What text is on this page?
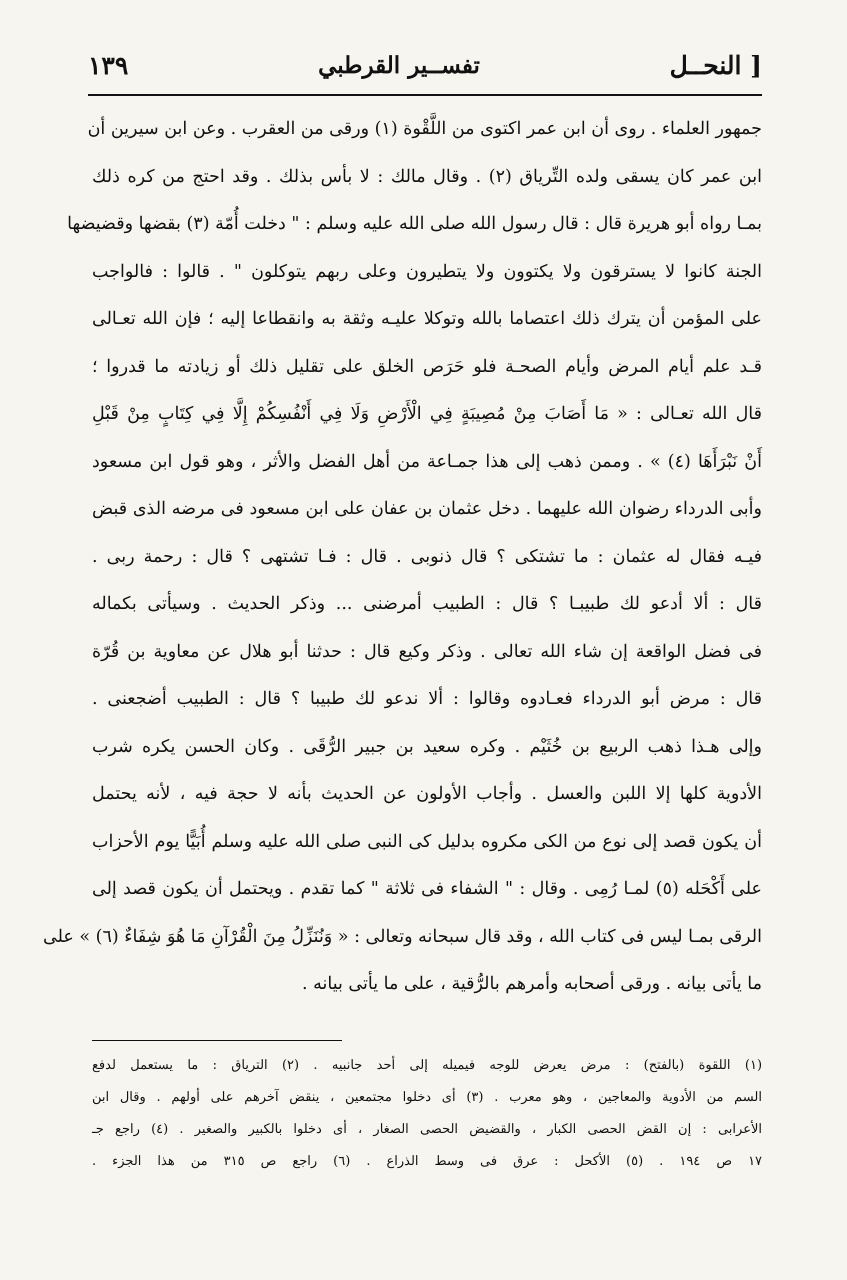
[ النحــل
تفســير القرطبي
١٣٩
جمهور العلماء . روى أن ابن عمر اكتوى من اللَّقْوة (١) ورقى من العقرب . وعن ابن سيرين أن
ابن عمر كان يسقى ولده التِّرياق (٢) . وقال مالك : لا بأس بذلك . وقد احتج من كره ذلك
بمـا رواه أبو هريرة قال : قال رسول الله صلى الله عليه وسلم : " دخلت أُمّة (٣) بقضها وقضيضها
الجنة كانوا لا يسترقون ولا يكتوون ولا يتطيرون وعلى ربهم يتوكلون " . قالوا : فالواجب
على المؤمن أن يترك ذلك اعتصاما بالله وتوكلا عليـه وثقة به وانقطاعا إليه ؛ فإن الله تعـالى
قـد علم أيام المرض وأيام الصحـة فلو حَرَص الخلق على تقليل ذلك أو زيادته ما قدروا ؛
قال الله تعـالى : « مَا أَصَابَ مِنْ مُصِيبَةٍ فِي الْأَرْضِ وَلَا فِي أَنْفُسِكُمْ إِلَّا فِي كِتَابٍ مِنْ قَبْلِ
أَنْ نَبْرَأَهَا (٤) » . وممن ذهب إلى هذا جمـاعة من أهل الفضل والأثر ، وهو قول ابن مسعود
وأبى الدرداء رضوان الله عليهما . دخل عثمان بن عفان على ابن مسعود فى مرضه الذى قبض
فيـه فقال له عثمان : ما تشتكى ؟ قال ذنوبى . قال : فـا تشتهى ؟ قال : رحمة ربى .
قال : ألا أدعو لك طبيبـا ؟ قال : الطبيب أمرضنى ... وذكر الحديث . وسيأتى بكماله
فى فضل الواقعة إن شاء الله تعالى . وذكر وكيع قال : حدثنا أبو هلال عن معاوية بن قُرّة
قال : مرض أبو الدرداء فعـادوه وقالوا : ألا ندعو لك طبيبا ؟ قال : الطبيب أضجعنى .
وإلى هـذا ذهب الربيع بن خُثَيْم . وكره سعيد بن جبير الرُّقَى . وكان الحسن يكره شرب
الأدوية كلها إلا اللبن والعسل . وأجاب الأولون عن الحديث بأنه لا حجة فيه ، لأنه يحتمل
أن يكون قصد إلى نوع من الكى مكروه بدليل كى النبى صلى الله عليه وسلم أُبَيًّا يوم الأحزاب
على أَكْحَله (٥) لمـا رُمِى . وقال : " الشفاء فى ثلاثة " كما تقدم . ويحتمل أن يكون قصد إلى
الرقى بمـا ليس فى كتاب الله ، وقد قال سبحانه وتعالى : « وَنُنَزِّلُ مِنَ الْقُرْآنِ مَا هُوَ شِفَاءٌ (٦) » على
ما يأتى بيانه . ورقى أصحابه وأمرهم بالرُّقية ، على ما يأتى بيانه .
(١) اللقوة (بالفتح) : مرض يعرض للوجه فيميله إلى أحد جانبيه . (٢) الترياق : ما يستعمل لدفع
السم من الأدوية والمعاجين ، وهو معرب . (٣) أى دخلوا مجتمعين ، ينقض آخرهم على أولهم . وقال ابن
الأعرابى : إن القض الحصى الكبار ، والقضيض الحصى الصغار ، أى دخلوا بالكبير والصغير . (٤) راجع جـ
١٧ ص ١٩٤ . (٥) الأكحل : عرق فى وسط الذراع . (٦) راجع ص ٣١٥ من هذا الجزء .
